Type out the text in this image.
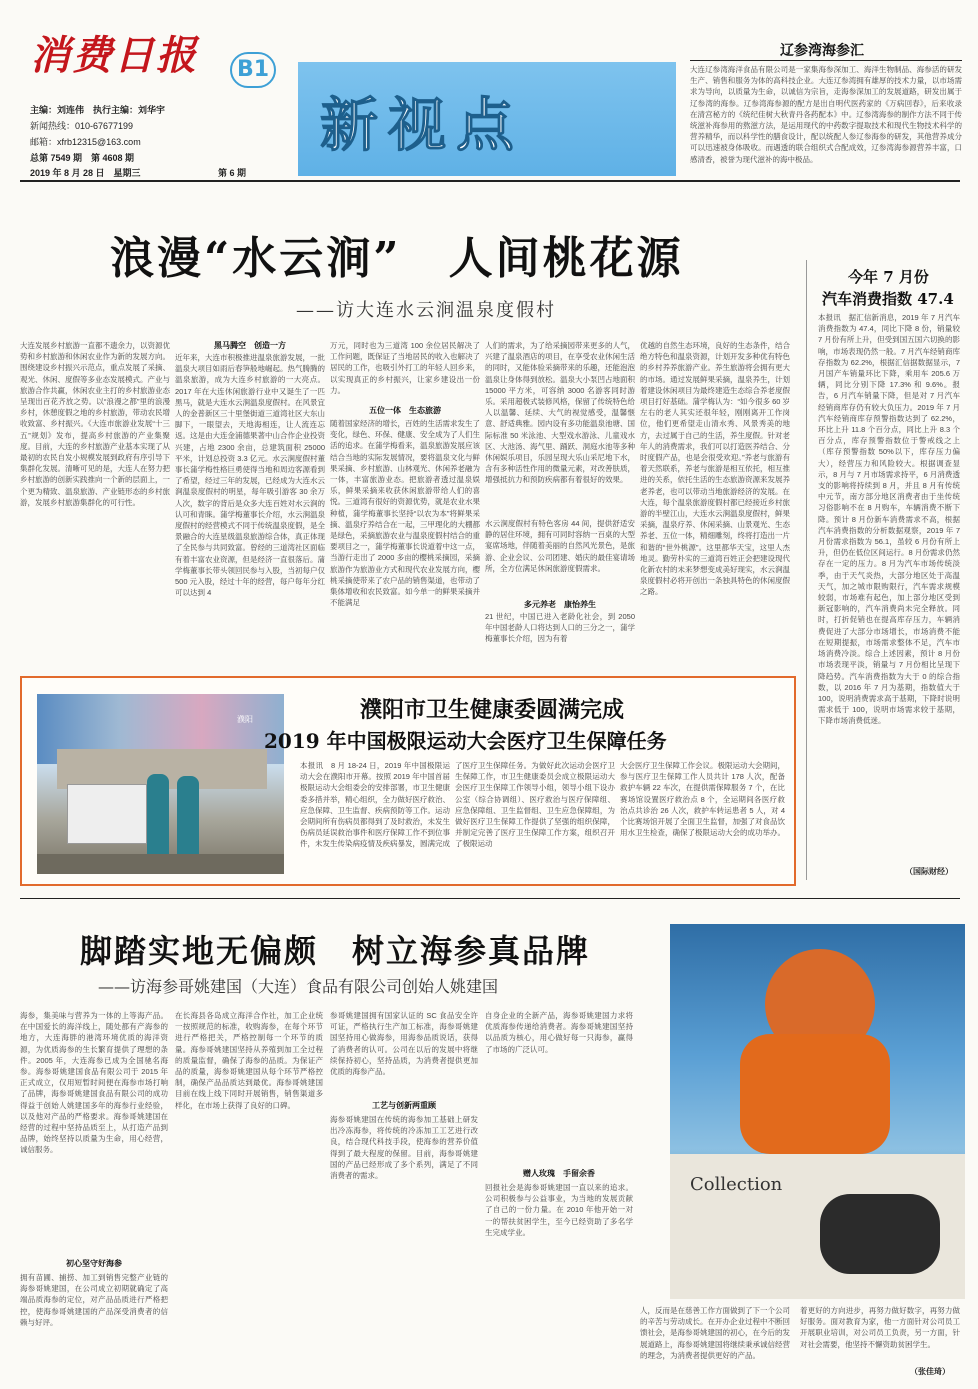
消费日报	B1
主编：刘连伟　执行主编：刘华宇
新闻热线：010-67677199
邮箱：xfrb12315@163.com
总第 7549 期　第 4608 期
2019 年 8 月 28 日　星期三	第 6 期
新视点
辽参湾海参汇
大连辽参湾海洋食品有限公司是一家集海参深加工、海洋生物制品、海参活的研发生产、销售和服务为体的高科技企业。大连辽参湾拥有雄厚的技术力量，以市场需求为导向，以质量为生命，以诚信为宗旨，走海参深加工的发展道路，研发出属于辽参湾的海参。辽参湾海参源的配方是出自明代医药家的《万病回春》，后来收录在清宫秘方的《统纪佳树大秋青丹各药配本》中。辽参湾海参的制作方法不同于传统滋补海参用的熬滋方法，是运用现代的中药数字提取技术和现代生物技术科学的营养精华，而以科学性的膳食设计，配以统配人参辽参海参的研发，其他营养成分可以迅速被身体吸收。而遇透的联合组织式合配成效，辽参湾海参源营养丰富，口感清香，被誉为现代滋补的海中极品。
浪漫“水云涧”　人间桃花源
——访大连水云涧温泉度假村
大连发展乡村旅游一直都不遗余力，以资源优势和乡村旅游和休闲农业作为新的发展方向。围绕建设乡村振兴示范点，重点发展了采摘、观光、休闲、度假等多业态发展模式。产业与旅游合作共赢，休闲农业主打的乡村旅游业态呈现出百花齐放之势。以“浪漫之都”里的浪漫乡村，休憩度假之地的乡村旅游，带动农民增收致富、乡村振兴。《大连市旅游业发展“十三五”规划》发布，提高乡村旅游的产业集聚度。目前，大连的乡村旅游产业基本实现了从最初的农民自发小规模发展到政府有序引导下集群化发展。清晰可见的是，大连人在努力把乡村旅游的创新实践推向一个新的层面上，一个更为精致、温泉旅游、产业链形态的乡村旅游，发展乡村旅游集群化的可行性。
黑马腾空　创造一方
近年来，大连市积极推进温泉旅游发展，一批温泉大项目如雨后春笋般地崛起。热气腾腾的温泉旅游，成为大连乡村旅游的一大亮点。2017 年在大连休闲旅游行业中又诞生了一匹黑马，就是大连水云涧温泉度假村。在风景宜人的金普新区三十里堡街道三道湾社区大东山脚下，一眼望去，天地海相连，让人流连忘返。这是由大连金浦德果著中山合作企业投资兴建，占地 2300 余亩，总建筑面积 25000 平米，计划总投资 3.3 亿元。水云涧度假村董事长蒲学梅性格巨勇使得当地和周边客源看到了希望，经过三年的发展，已经成为大连水云涧温泉度假村的明星，每年吸引游客 30 余万人次，数字的背后是众多大连百姓对水云涧的认可和青睐。蒲学梅董事长介绍，水云涧温泉度假村的经营模式不同于传统温泉度假，是全景融合的大连星级温泉旅游综合体，真正体现了全民参与共同致富。曾经的三道湾社区面临有着丰富农业资源，但是经济一直很落后。蒲学梅董事长带头领回民参与入股，当初每户仅 500 元入股，经过十年的经营，每户每年分红可以达到 4
万元，同时也为三道湾 100 余位居民解决了工作问题，既保证了当地居民的收入也解决了居民的工作，也吸引外打工的年轻人回乡来，以实现真正的乡村振兴，让家乡建设出一份力。
五位一体　生态旅游
随着国家经济的增长，百姓的生活需求发生了变化，绿色、环保、健康、安全成为了人们生活的追求。在蒲学梅看来，温泉旅游发展应该结合当地的实际发展情况，要将温泉文化与鲜果采摘、乡村旅游、山林观光、休闲养老融为一体，丰富旅游业态。把旅游者透过温泉娱乐，鲜果采摘来收获休闲旅游带给人们的喜悦。三道湾有很好的资源优势，就是农业水果种植，蒲学梅董事长坚持“以农为本”将鲜果采摘、温泉疗养结合在一起，三甲理化的大棚都是绿色，采摘旅游农业与温泉度假村结合的重要项目之一，蒲学梅董事长说道着中这一点，当游行走出了 2000 多亩的樱桃采摘园，采摘旅游作为旅游业方式和现代农业发展方向，樱桃采摘使带来了农户品的销售渠道，也带动了集体增收和农民致富。如今单一的鲜果采摘并不能满足
人们的需求，为了给采摘园带来更多的人气，兴建了温泉酒店的项目，在享受农业休闲生活的同时，又能体验采摘带来的乐趣，还能泡泡温泉让身体得到放松。温泉大小泵凹占地面积 15000 平方米，可容纳 3000 名游客同时游乐。采用超极式装修风格，保留了传统特色给人以温馨、延续、大气的视觉感受，温馨惬意、舒适典雅。园内设有多功能温泉池塘、国际标准 50 米泳池、大型戏水游泳、儿童戏水区、大池汤、海气里、踊跃、洞庭水池等多种休闲娱乐项目，乐园呈现大乐山采尼地下水，含有多种活性作用的微量元素，对改善肤质，增强抵抗力和预防疾病都有着很好的效果。
水云涧度假村有特色客房 44 间，提供舒适安静的居住环境，拥有可同时容纳一百桌的大型宴席场地，伴随着美丽的自然风光景色，是旅游、企业会议、公司团建、婚庆的最佳宴请场所，全方位满足休闲旅游度假需求。
多元养老　康怡养生
21 世纪，中国已进入老龄化社会，到 2050 年中国老龄人口将达到人口的三分之一，蒲学梅董事长介绍，因为有着
优越的自然生态环境，良好的生态条件，结合绝方特色和温泉资源，计划开发多种优有特色的乡村养养旅游产业。养生旅游将会拥有更大的市场。通过发展鲜果采摘，温泉养生，计划着建设休闲项目为最终建造生态综合养老度假项目打好基础。蒲学梅认为：“如今很多 60 岁左右的老人其实还很年轻，刚刚离开工作岗位，他们更希望走山清水秀、风景秀美的地方，去过属于自己的生活，养生度假。针对老年人的消费需求，我们可以打造医养结合、分时度假产品，也是会很受欢迎。”养老与旅游有着天然联系，养老与旅游是相互依托，相互推进的关系，依托生活的生态旅游资源来发展养老养老，也可以带动当地旅游经济的发展。在大连，每个温泉旅游度假村都已经接近乡村旅游的半壁江山，大连水云涧温泉度假村，鲜果采摘，温泉疗养、休闲采摘、山景观光、生态养老、五位一体，精细雕刻，终将打造出一片和谐的“世外桃源”。这里都华天宝，这里人杰地灵。勤劳朴实的三道湾百姓正会把建设现代化新农村的未来梦想变成美好现实，水云涧温泉度假村必将开创出一条独具特色的休闲度假之路。
今年 7 月份
汽车消费指数 47.4
本报讯　据汇信新消息，2019 年 7 月汽车消费指数为 47.4，同比下降 8 份，销量较 7 月份有所上升，但受到国五国六切换的影响，市场表现仍然一般。7 月汽车经销商库存指数为 62.2%，根据汇信据数据显示，7 月国产车销量环比下降，乘用车 205.6 万辆，同比分别下降 17.3% 和 9.6%。报告，6 月汽车销量下降，但是对 7 月汽车经销商库存仍有较大负压力。2019 年 7 月汽车经销商库存预警指数达到了 62.2%，环比上升 11.8 个百分点，同比上升 8.3 个百分点，库存预警指数位于警戒线之上（库存预警指数 50%以下，库存压力偏大），经营压力和风险较大。根据调查显示，8 月与 7 月市场需求持平，6 月消费透支的影响将持续到 8 月，并且 8 月有传统中元节，南方部分地区消费者由于坐传统习俗影响不在 8 月购车，车辆消费不断下降。预计 8 月份新车消费需求不高，根据汽车消费指数的分析数据观察，2019 年 7 月份需求指数为 56.1，虽较 6 月份有所上升，但仍在低位区间运行。8 月份需求仍然存在一定的压力。8 月为汽车市场传统淡季，由于天气炎热，大部分地区处于高温天气，加之城市限购限行，汽车需求规模较弱，市场难有起色，加上部分地区受到新冠影响的，汽车消费尚未完全释放。同时，打折促销也在提高库存压力，车辆消费促进了大部分市场增长，市场消费不能在短期提振，市场需求整体不足，汽车市场消费冷淡。综合上述因素，预计 8 月份市场表现平淡，销量与 7 月份相比呈现下降趋势。汽车消费指数为大于 0 的综合指数，以 2016 年 7 月为基期，指数值大于 100，说明消费需求高于基期，下降时说明需求低于 100，说明市场需求较于基期，下降市场消费低迷。
（国际财经）
濮阳	濮阳市卫生健康委圆满完成
2019 年中国极限运动大会医疗卫生保障任务
本报讯　8 月 18-24 日，2019 年中国极限运动大会在濮阳市开幕。按照 2019 年中国首届极限运动大会组委会的安排部署，市卫生健康委多措并举，精心组织，全力做好医疗救治、应急保障、卫生监督、疾病预防等工作。运动会期间所有伤病员都得到了及时救治，未发生伤病员延误救治事件和医疗保障工作不到位事件，未发生传染病疫情及疾病暴发，圆满完成
了医疗卫生保障任务。为做好此次运动会医疗卫生保障工作，市卫生健康委员会成立极限运动大会医疗卫生保障工作领导小组，领导小组下设办公室（综合协调组）、医疗救治与医疗保障组、应急保障组、卫生监督组、卫生应急保障组，为做好医疗卫生保障工作提供了坚强的组织保障，并制定完善了医疗卫生保障工作方案，组织召开了极限运动
大会医疗卫生保障工作会议。极限运动大会期间，参与医疗卫生保障工作人员共计 178 人次，配备救护车辆 22 车次，在提供需保障服务 7 个，在比赛场馆设置医疗救治点 8 个，全运期间各医疗救治点共诊治 26 人次，救护车转运患者 5 人，对 4 个比赛场馆开展了全面卫生监督，加强了对食品饮用水卫生检查，确保了极限运动大会的成功举办。
脚踏实地无偏颇　树立海参真品牌
——访海参哥姚建国（大连）食品有限公司创始人姚建国
Collection
海参，集美味与营养为一体的上等海产品。在中国爱长的海洋线上，随处都有产海参的地方，大连海胖的港湾环境优质的海洋资源，为优质海参的生长繁育提供了理想的条件。2005 年，大连海参已成为全国驰名海参。海参哥姚建国食品有限公司于 2015 年正式成立，仅用短暂时间便在海参市场打响了品牌，海参哥姚建国食品有限公司的成功得益于创始人姚建国多年的海参行业经验，以及他对产品的严格要求。海参哥姚建国在经营的过程中坚持品质至上，从打造产品到品牌，始终坚持以质量为生命，用心经营，诚信服务。
初心坚守好海参
拥有苗圃、捕捞、加工到销售完整产业链的海参哥姚建国，在公司成立初期就确定了高端品质海参的定位，对产品品质进行严格把控，使海参哥姚建国的产品深受消费者的信赖与好评。
在长海县各岛成立海洋合作社，加工企业统一按照规范的标准，收购海参，在每个环节进行严格把关，严格控制每一个环节的质量。海参哥姚建国坚持从养殖到加工全过程的质量监督，确保了海参的品质。为保证产品的质量，海参哥姚建国从每个环节严格控制，确保产品品质达到最优。海参哥姚建国目前在线上线下同时开展销售，销售渠道多样化，在市场上获得了良好的口碑。
参哥姚建国拥有国家认证的 SC 食品安全许可证，严格执行生产加工标准，海参哥姚建国坚持用心做海参，用海参品质说话，获得了消费者的认可。公司在以后的发展中将继续保持初心，坚持品质，为消费者提供更加优质的海参产品。
工艺与创新两重顾
海参哥姚建国在传统的海参加工基础上研发出冷冻海参，将传统的冷冻加工工艺进行改良，结合现代科技手段，使海参的营养价值得到了最大程度的保留。目前，海参哥姚建国的产品已经形成了多个系列，满足了不同消费者的需求。
自身企业的全新产品，海参哥姚建国力求将优质海参传递给消费者。海参哥姚建国坚持以品质为核心，用心做好每一只海参，赢得了市场的广泛认可。
赠人玫瑰　手留余香
回报社会是海参哥姚建国一直以来的追求。公司积极参与公益事业，为当地的发展贡献了自己的一份力量。在 2010 年他开始一对一的帮扶贫困学生，至今已经资助了多名学生完成学业。
人，反而是在慈善工作方面做到了下一个公司的辛苦与劳动成长。在开办企业过程中不断回馈社会，是海参哥姚建国的初心，在今后的发展道路上，海参哥姚建国将继续秉承诚信经营的理念，为消费者提供更好的产品。
着更好的方向进步，再努力做好数字，再努力做好服务。面对教育为家，他一方面针对公司员工开展职业培训，对公司员工负责，另一方面，针对社会需要，他坚持不懈资助贫困学生。
（张佳琦）
